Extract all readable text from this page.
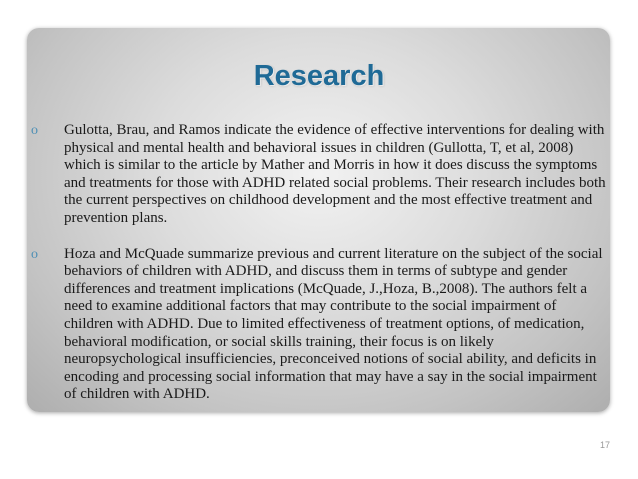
Research
o Gulotta, Brau, and Ramos indicate the evidence of effective interventions for dealing with physical and mental health and behavioral issues in children (Gullotta, T, et al, 2008) which is similar to the article by Mather and Morris in how it does discuss the symptoms and treatments for those with ADHD related social problems. Their research includes both the current perspectives on childhood development and the most effective treatment and prevention plans.
o Hoza and McQuade summarize previous and current literature on the subject of the social behaviors of children with ADHD, and discuss them in terms of subtype and gender differences and treatment implications (McQuade, J.,Hoza, B.,2008). The authors felt a need to examine additional factors that may contribute to the social impairment of children with ADHD. Due to limited effectiveness of treatment options, of medication, behavioral modification, or social skills training, their focus is on likely neuropsychological insufficiencies, preconceived notions of social ability, and deficits in encoding and processing social information that may have a say in the social impairment of children with ADHD.
17
